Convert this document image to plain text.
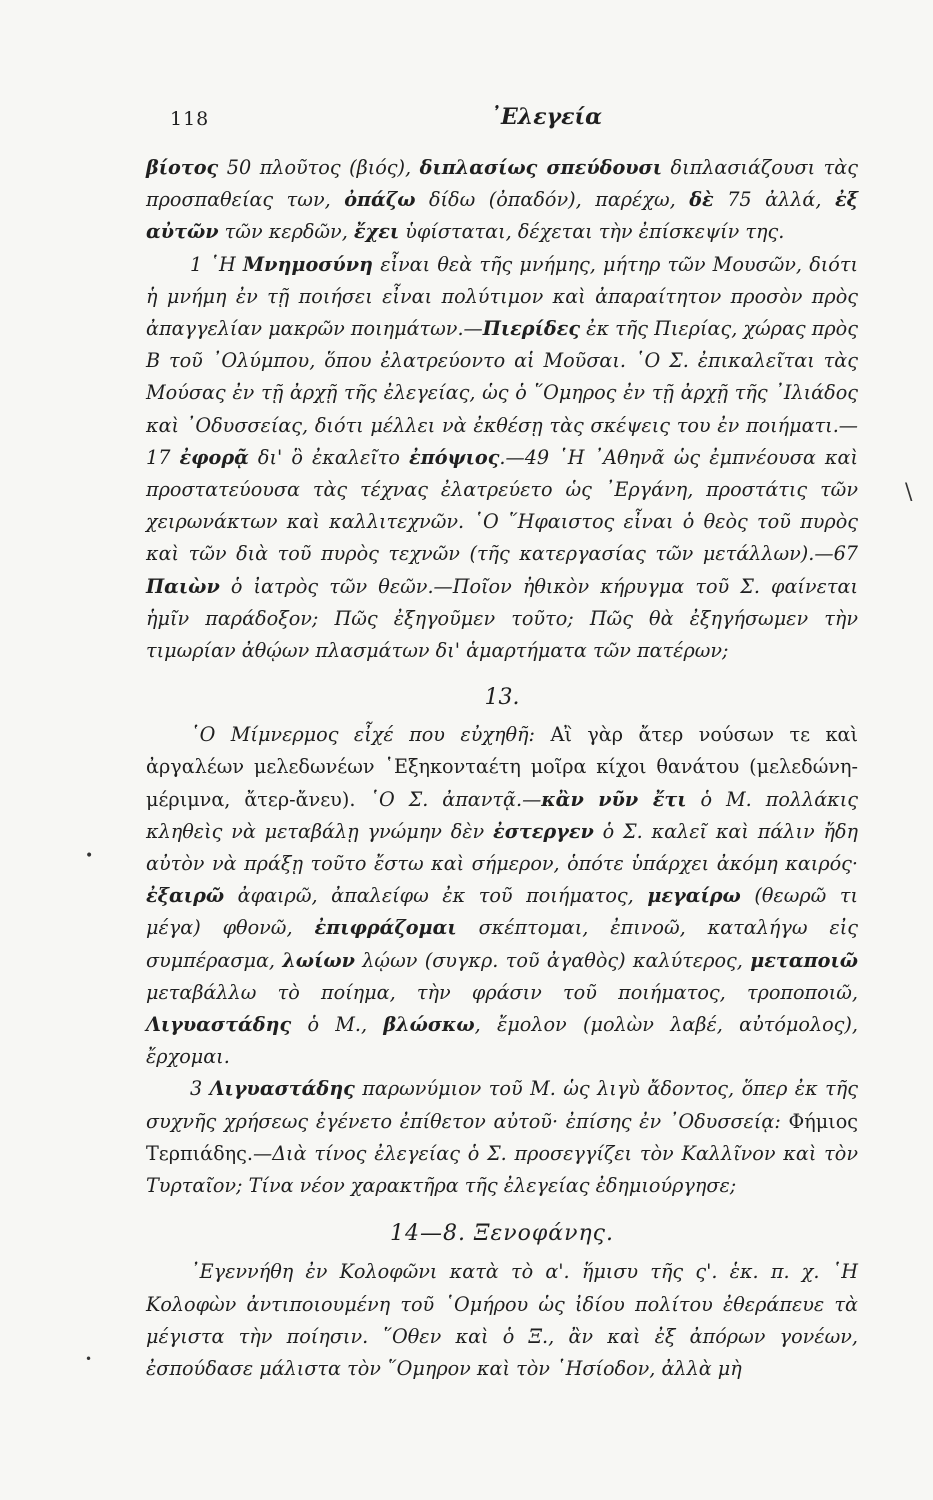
118	᾿Ελεγεία

βίοτος 50 πλοῦτος (βιός), διπλασίως σπεύδουσι διπλασιάζουσι τὰς προσπαθείας των, ὀπάζω δίδω (ὀπαδόν), παρέχω, δὲ 75 ἀλλά, ἐξ αὐτῶν τῶν κερδῶν, ἔχει ὑφίσταται, δέχεται τὴν ἐπίσκεψίν της.

1 ῾Η Μνημοσύνη εἶναι θεὰ τῆς μνήμης, μήτηρ τῶν Μουσῶν, διότι ἡ μνήμη ἐν τῇ ποιήσει εἶναι πολύτιμον καὶ ἀπαραίτητον προσὸν πρὸς ἀπαγγελίαν μακρῶν ποιημάτων.—Πιερίδες ἐκ τῆς Πιερίας, χώρας πρὸς Β τοῦ ᾿Ολύμπου, ὅπου ἐλατρεύοντο αἱ Μοῦσαι. ῾Ο Σ. ἐπικαλεῖται τὰς Μούσας ἐν τῇ ἀρχῇ τῆς ἐλεγείας, ὡς ὁ ῞Ομηρος ἐν τῇ ἀρχῇ τῆς ᾿Ιλιάδος καὶ ᾿Οδυσσείας, διότι μέλλει νὰ ἐκθέσῃ τὰς σκέψεις του ἐν ποιήματι.—17 ἐφορᾷ δι' ὃ ἐκαλεῖτο ἐπόψιος.—49 ῾Η ᾿Αθηνᾶ ὡς ἐμπνέουσα καὶ προστατεύουσα τὰς τέχνας ἐλατρεύετο ὡς ᾿Εργάνη, προστάτις τῶν χειρωνάκτων καὶ καλλιτεχνῶν. ῾Ο ῞Ηφαιστος εἶναι ὁ θεὸς τοῦ πυρὸς καὶ τῶν διὰ τοῦ πυρὸς τεχνῶν (τῆς κατεργασίας τῶν μετάλλων).—67 Παιὼν ὁ ἰατρὸς τῶν θεῶν.—Ποῖον ἠθικὸν κήρυγμα τοῦ Σ. φαίνεται ἡμῖν παράδοξον; Πῶς ἐξηγοῦμεν τοῦτο; Πῶς θὰ ἐξηγήσωμεν τὴν τιμωρίαν ἀθῴων πλασμάτων δι' ἁμαρτήματα τῶν πατέρων;

13.

῾Ο Μίμνερμος εἶχέ που εὐχηθῆ: Αἲ γὰρ ἄτερ νούσων τε καὶ ἀργαλέων μελεδωνέων ῾Εξηκονταέτη μοῖρα κίχοι θανάτου (μελεδώνη-μέριμνα, ἄτερ-ἄνευ). ῾Ο Σ. ἀπαντᾷ.—κἂν νῦν ἔτι ὁ Μ. πολλάκις κληθεὶς νὰ μεταβάλῃ γνώμην δὲν ἐστεργεν ὁ Σ. καλεῖ καὶ πάλιν ἤδη αὐτὸν νὰ πράξῃ τοῦτο ἔστω καὶ σήμερον, ὁπότε ὑπάρχει ἀκόμη καιρός· ἐξαιρῶ ἀφαιρῶ, ἀπαλείφω ἐκ τοῦ ποιήματος, μεγαίρω (θεωρῶ τι μέγα) φθονῶ, ἐπιφράζομαι σκέπτομαι, ἐπινοῶ, καταλήγω εἰς συμπέρασμα, λωίων λῴων (συγκρ. τοῦ ἀγαθὸς) καλύτερος, μεταποιῶ μεταβάλλω τὸ ποίημα, τὴν φράσιν τοῦ ποιήματος, τροποποιῶ, Λιγυαστάδης ὁ Μ., βλώσκω, ἔμολον (μολὼν λαβέ, αὐτόμολος), ἔρχομαι.

3 Λιγυαστάδης παρωνύμιον τοῦ Μ. ὡς λιγὺ ἄδοντος, ὅπερ ἐκ τῆς συχνῆς χρήσεως ἐγένετο ἐπίθετον αὐτοῦ· ἐπίσης ἐν ᾿Οδυσσείᾳ: Φήμιος Τερπιάδης.—Διὰ τίνος ἐλεγείας ὁ Σ. προσεγγίζει τὸν Καλλῖνον καὶ τὸν Τυρταῖον; Τίνα νέον χαρακτῆρα τῆς ἐλεγείας ἐδημιούργησε;

14—8. Ξενοφάνης.

᾿Εγεννήθη ἐν Κολοφῶνι κατὰ τὸ α'. ἥμισυ τῆς ς'. ἑκ. π. χ. ῾Η Κολοφὼν ἀντιποιουμένη τοῦ ῾Ομήρου ὡς ἰδίου πολίτου ἐθεράπευε τὰ μέγιστα τὴν ποίησιν. ῞Οθεν καὶ ὁ Ξ., ἂν καὶ ἐξ ἀπόρων γονέων, ἐσπούδασε μάλιστα τὸν ῞Ομηρον καὶ τὸν ῾Ησίοδον, ἀλλὰ μὴ

\
•
•
